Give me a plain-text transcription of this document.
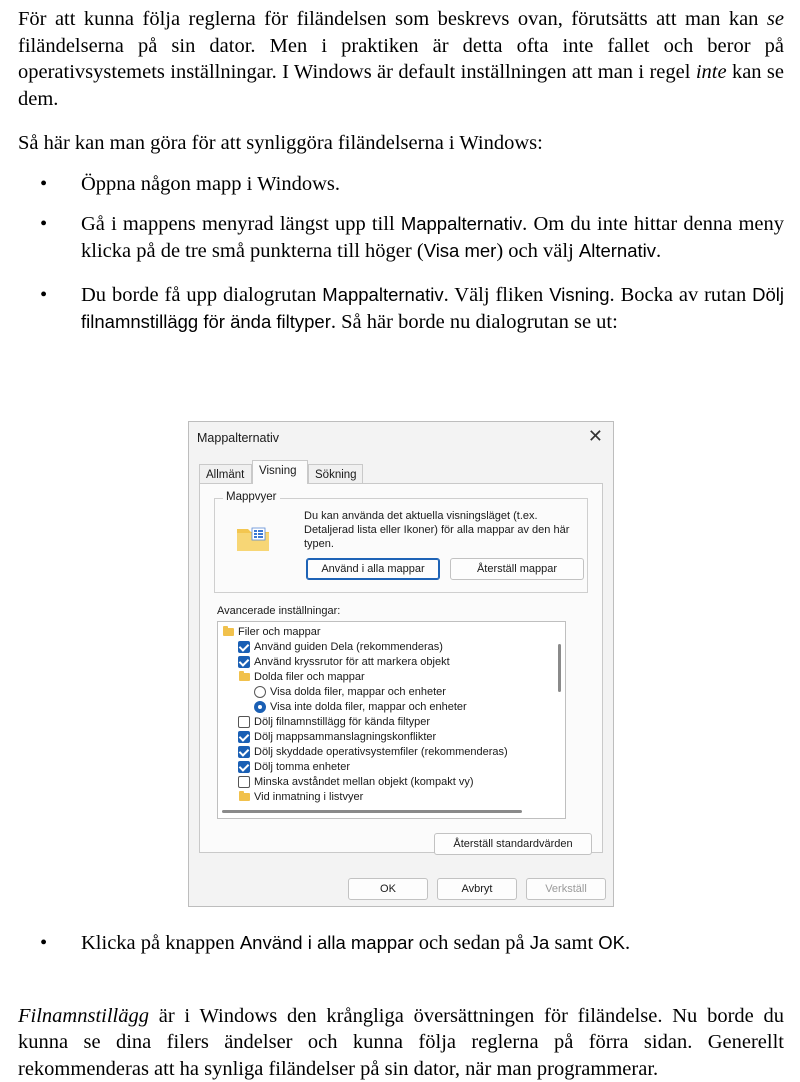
För att kunna följa reglerna för filändelsen som beskrevs ovan, förutsätts att man kan se filändelserna på sin dator. Men i praktiken är detta ofta inte fallet och beror på operativsystemets inställningar. I Windows är default inställningen att man i regel inte kan se dem.

Så här kan man göra för att synliggöra filändelserna i Windows:

• Öppna någon mapp i Windows.
• Gå i mappens menyrad längst upp till Mappalternativ. Om du inte hittar denna meny klicka på de tre små punkterna till höger (Visa mer) och välj Alternativ.
• Du borde få upp dialogrutan Mappalternativ. Välj fliken Visning. Bocka av rutan Dölj filnamnstillägg för ända filtyper. Så här borde nu dialogrutan se ut:
Mappalternativ	✕
Allmänt	Visning	Sökning
Mappvyer
Du kan använda det aktuella visningsläget (t.ex. Detaljerad lista eller Ikoner) för alla mappar av den här typen.
Använd i alla mappar	Återställ mappar
Avancerade inställningar:
Filer och mappar
Använd guiden Dela (rekommenderas)
Använd kryssrutor för att markera objekt
Dolda filer och mappar
Visa dolda filer, mappar och enheter
Visa inte dolda filer, mappar och enheter
Dölj filnamnstillägg för kända filtyper
Dölj mappsammanslagningskonflikter
Dölj skyddade operativsystemfiler (rekommenderas)
Dölj tomma enheter
Minska avståndet mellan objekt (kompakt vy)
Vid inmatning i listvyer
Återställ standardvärden
OK	Avbryt	Verkställ
•	Klicka på knappen Använd i alla mappar och sedan på Ja samt OK.

Filnamnstillägg är i Windows den krångliga översättningen för filändelse. Nu borde du kunna se dina filers ändelser och kunna följa reglerna på förra sidan. Generellt rekommenderas att ha synliga filändelser på sin dator, när man programmerar.
